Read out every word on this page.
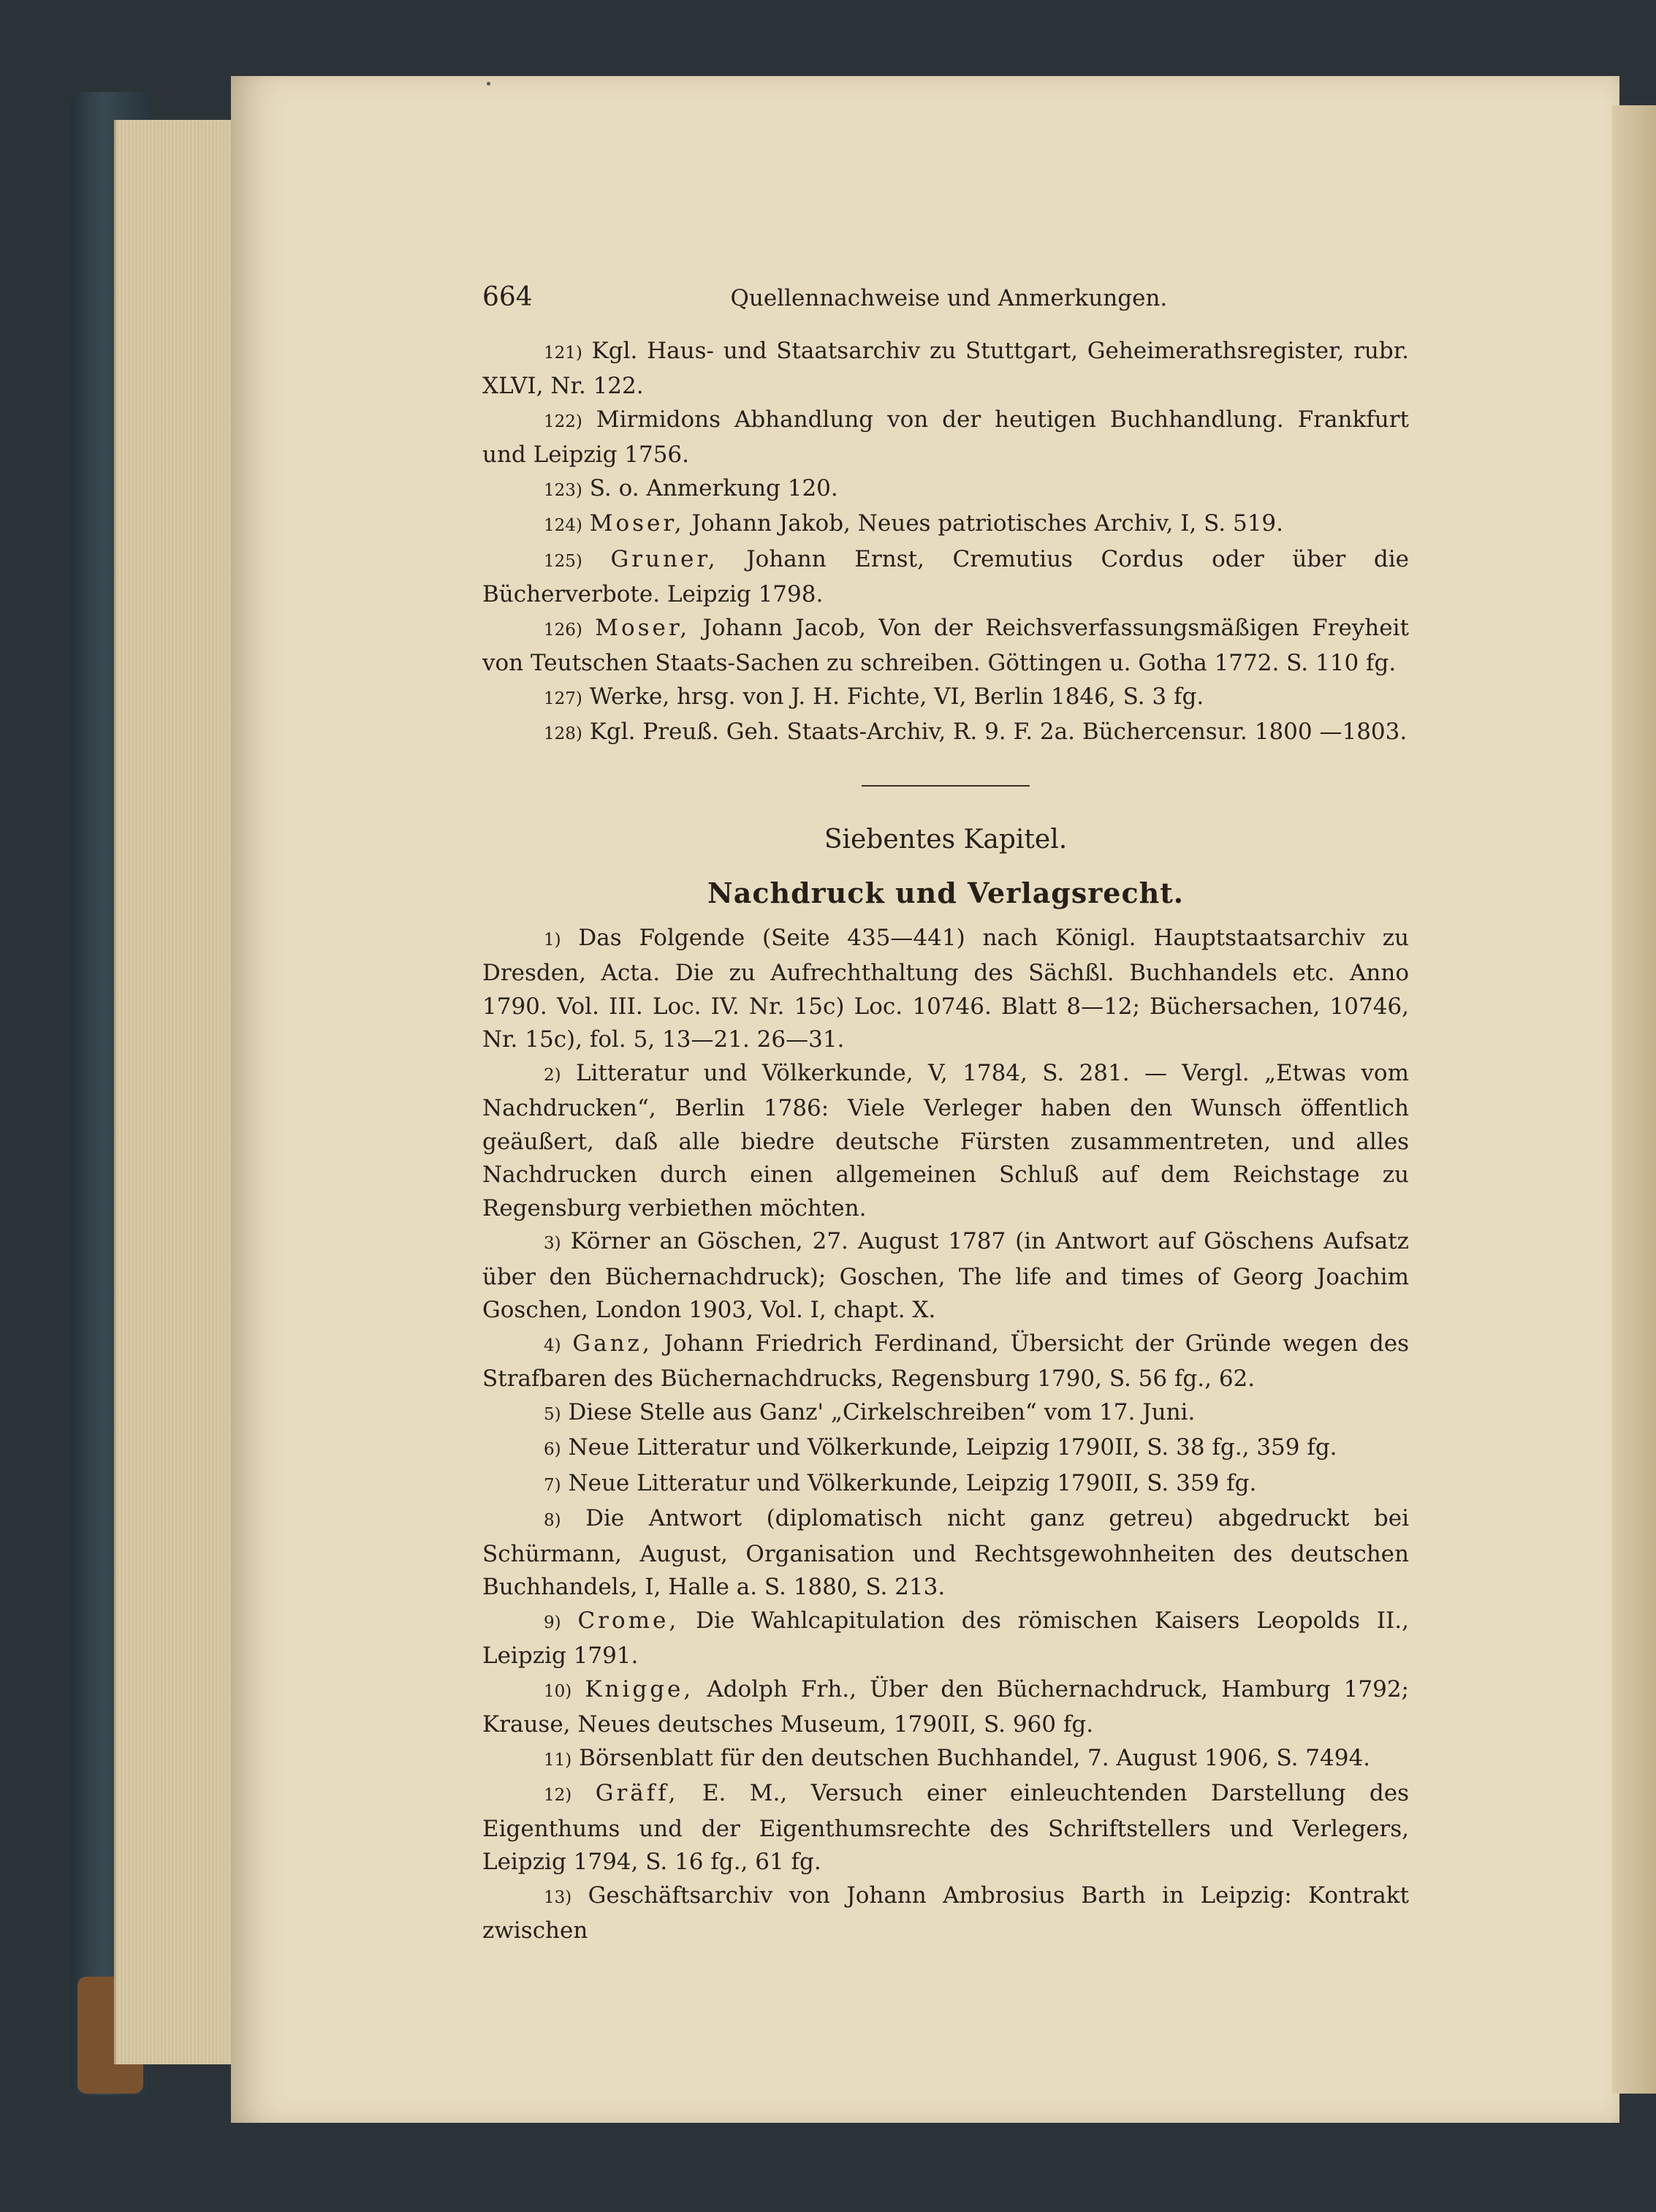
664	Quellennachweise und Anmerkungen.

121) Kgl. Haus- und Staatsarchiv zu Stuttgart, Geheimerathsregister, rubr. XLVI, Nr. 122.

122) Mirmidons Abhandlung von der heutigen Buchhandlung. Frankfurt und Leipzig 1756.

123) S. o. Anmerkung 120.

124) Moser, Johann Jakob, Neues patriotisches Archiv, I, S. 519.

125) Gruner, Johann Ernst, Cremutius Cordus oder über die Bücherverbote. Leipzig 1798.

126) Moser, Johann Jacob, Von der Reichsverfassungsmäßigen Freyheit von Teutschen Staats-Sachen zu schreiben. Göttingen u. Gotha 1772. S. 110 fg.

127) Werke, hrsg. von J. H. Fichte, VI, Berlin 1846, S. 3 fg.

128) Kgl. Preuß. Geh. Staats-Archiv, R. 9. F. 2a. Büchercensur. 1800 —1803.

Siebentes Kapitel.
Nachdruck und Verlagsrecht.

1) Das Folgende (Seite 435—441) nach Königl. Hauptstaatsarchiv zu Dresden, Acta. Die zu Aufrechthaltung des Sächßl. Buchhandels etc. Anno 1790. Vol. III. Loc. IV. Nr. 15c) Loc. 10746. Blatt 8—12; Büchersachen, 10746, Nr. 15c), fol. 5, 13—21. 26—31.

2) Litteratur und Völkerkunde, V, 1784, S. 281. — Vergl. „Etwas vom Nachdrucken“, Berlin 1786: Viele Verleger haben den Wunsch öffentlich geäußert, daß alle biedre deutsche Fürsten zusammentreten, und alles Nachdrucken durch einen allgemeinen Schluß auf dem Reichstage zu Regensburg verbiethen möchten.

3) Körner an Göschen, 27. August 1787 (in Antwort auf Göschens Aufsatz über den Büchernachdruck); Goschen, The life and times of Georg Joachim Goschen, London 1903, Vol. I, chapt. X.

4) Ganz, Johann Friedrich Ferdinand, Übersicht der Gründe wegen des Strafbaren des Büchernachdrucks, Regensburg 1790, S. 56 fg., 62.

5) Diese Stelle aus Ganz' „Cirkelschreiben“ vom 17. Juni.

6) Neue Litteratur und Völkerkunde, Leipzig 1790II, S. 38 fg., 359 fg.

7) Neue Litteratur und Völkerkunde, Leipzig 1790II, S. 359 fg.

8) Die Antwort (diplomatisch nicht ganz getreu) abgedruckt bei Schürmann, August, Organisation und Rechtsgewohnheiten des deutschen Buchhandels, I, Halle a. S. 1880, S. 213.

9) Crome, Die Wahlcapitulation des römischen Kaisers Leopolds II., Leipzig 1791.

10) Knigge, Adolph Frh., Über den Büchernachdruck, Hamburg 1792; Krause, Neues deutsches Museum, 1790II, S. 960 fg.

11) Börsenblatt für den deutschen Buchhandel, 7. August 1906, S. 7494.

12) Gräff, E. M., Versuch einer einleuchtenden Darstellung des Eigenthums und der Eigenthumsrechte des Schriftstellers und Verlegers, Leipzig 1794, S. 16 fg., 61 fg.

13) Geschäftsarchiv von Johann Ambrosius Barth in Leipzig: Kontrakt zwischen
